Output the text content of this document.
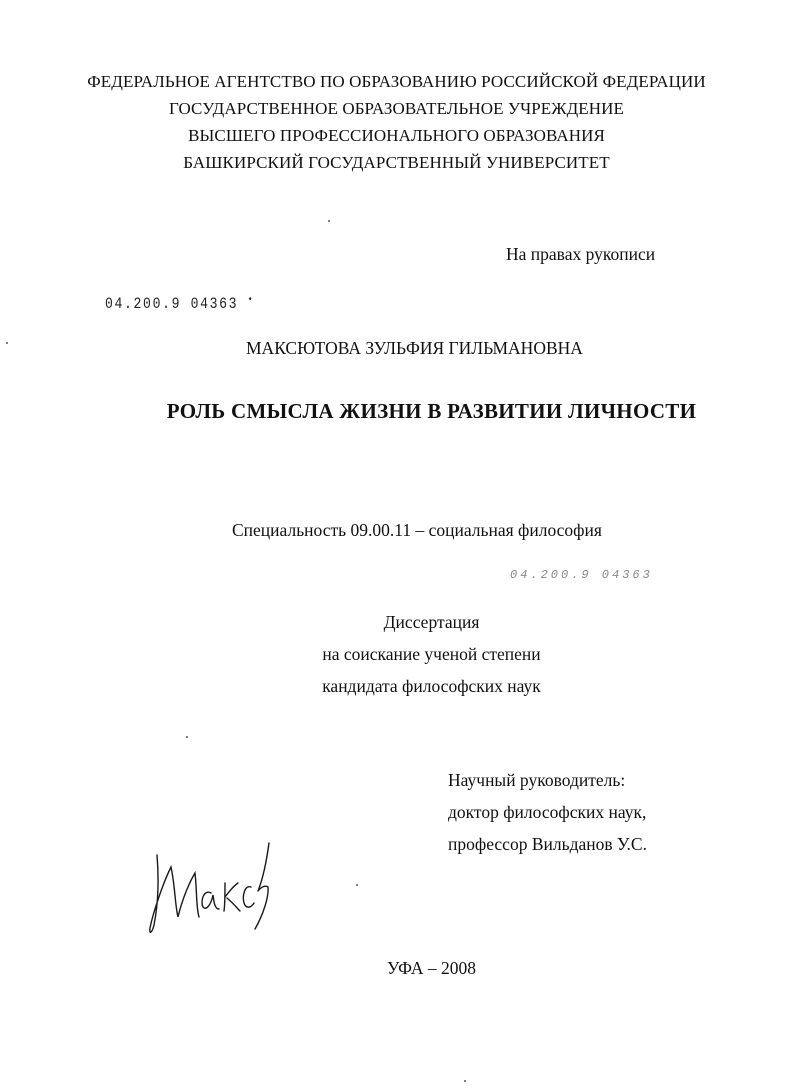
ФЕДЕРАЛЬНОЕ АГЕНТСТВО ПО ОБРАЗОВАНИЮ РОССИЙСКОЙ ФЕДЕРАЦИИ
ГОСУДАРСТВЕННОЕ ОБРАЗОВАТЕЛЬНОЕ УЧРЕЖДЕНИЕ
ВЫСШЕГО ПРОФЕССИОНАЛЬНОГО ОБРАЗОВАНИЯ
БАШКИРСКИЙ ГОСУДАРСТВЕННЫЙ УНИВЕРСИТЕТ
На правах рукописи
04.200.9 04363 •
МАКСЮТОВА ЗУЛЬФИЯ ГИЛЬМАНОВНА
РОЛЬ СМЫСЛА ЖИЗНИ В РАЗВИТИИ ЛИЧНОСТИ
Специальность 09.00.11 – социальная философия
04.200.9 04363
Диссертация
на соискание ученой степени
кандидата философских наук
Научный руководитель:
доктор философских наук,
профессор Вильданов У.С.
УФА – 2008
